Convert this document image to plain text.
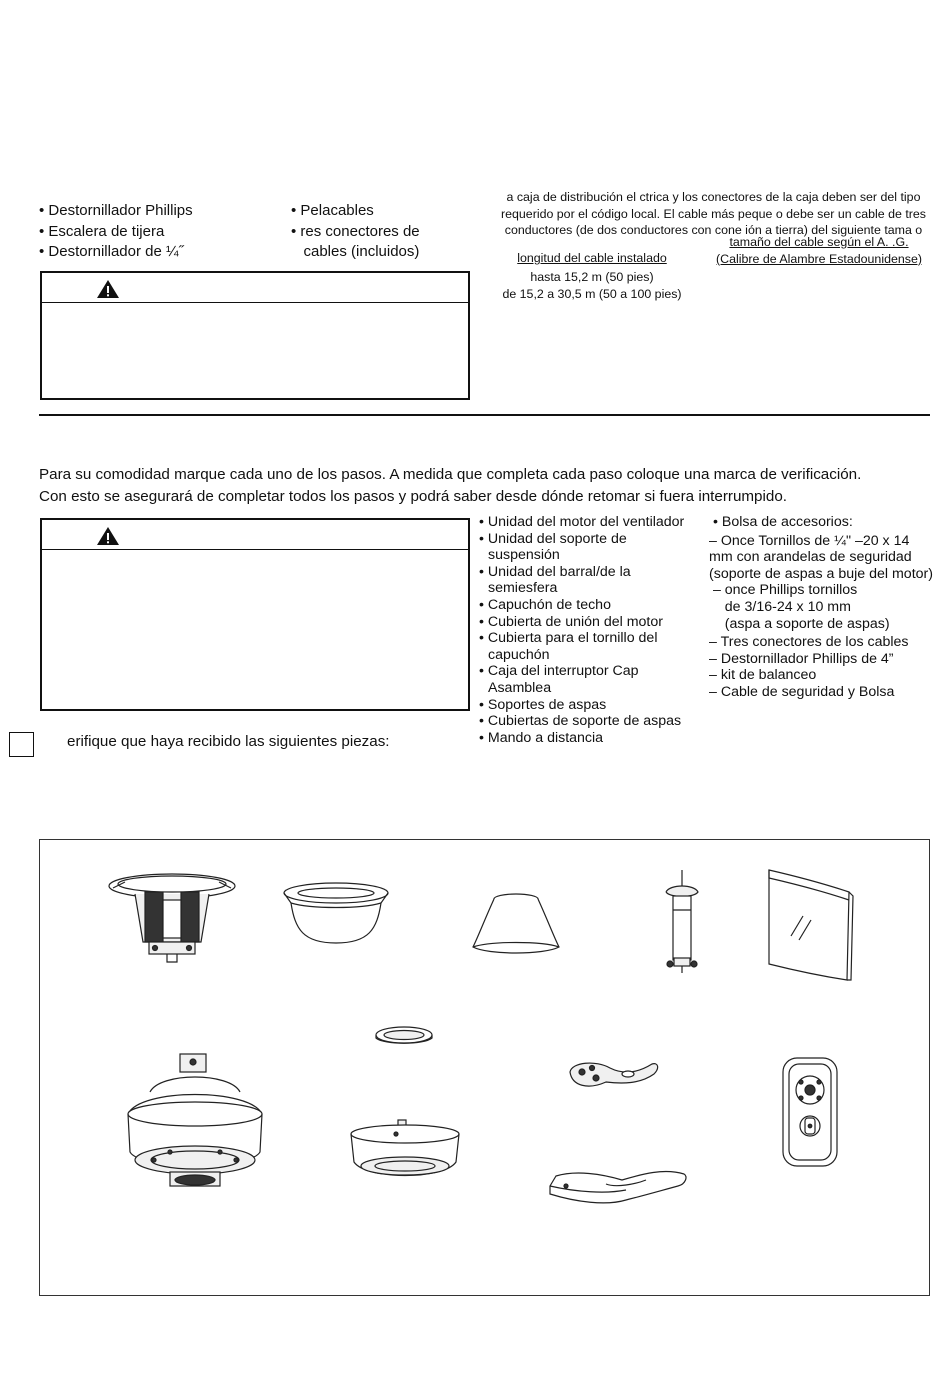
• Destornillador Phillips
• Escalera de tijera
• Destornillador de ¼˝
• Pelacables
• res conectores de
cables (incluidos)
a caja de distribución el ctrica y los conectores de la caja deben ser del tipo
requerido por el código local. El cable más peque o debe ser un cable de tres
conductores (de dos conductores con cone ión a tierra) del siguiente tama o
tamaño del cable según el A. .G.
(Calibre de Alambre Estadounidense)
longitud del cable instalado
hasta 15,2 m (50 pies)
de 15,2 a 30,5 m (50 a 100 pies)
Para su comodidad marque cada uno de los pasos. A medida que completa cada paso coloque una marca de verificación.
Con esto se asegurará de completar todos los pasos y podrá saber desde dónde retomar si fuera interrumpido.
erifique que haya recibido las siguientes piezas:
• Unidad del motor del ventilador
• Unidad del soporte de
suspensión
• Unidad del barral/de la
semiesfera
• Capuchón de techo
• Cubierta de unión del motor
• Cubierta para el tornillo del
capuchón
• Caja del interruptor Cap
Asamblea
• Soportes de aspas
• Cubiertas de soporte de aspas
• Mando a distancia
• Bolsa de accesorios:
– Once Tornillos de ¼" –20 x 14
mm con arandelas de seguridad
(soporte de aspas a buje del motor)
– once Phillips tornillos
de 3/16-24 x 10 mm
(aspa a soporte de aspas)
– Tres conectores de los cables
– Destornillador Phillips de 4”
– kit de balanceo
– Cable de seguridad y Bolsa
